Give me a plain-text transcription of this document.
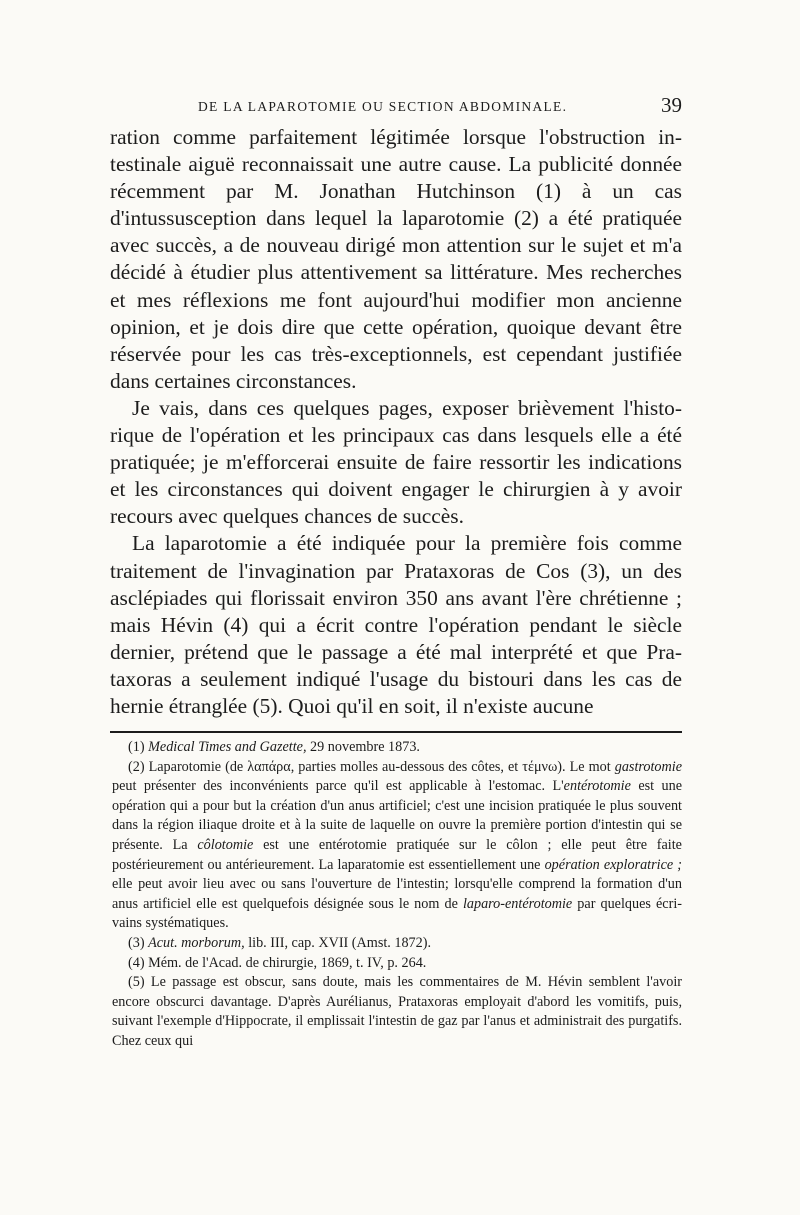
DE LA LAPAROTOMIE OU SECTION ABDOMINALE.	39

ration comme parfaitement légitimée lorsque l'obstruction intestinale aiguë reconnaissait une autre cause. La publicité donnée récemment par M. Jonathan Hutchinson (1) à un cas d'intussusception dans lequel la laparotomie (2) a été pratiquée avec succès, a de nouveau dirigé mon attention sur le sujet et m'a décidé à étudier plus attentivement sa littérature. Mes recherches et mes réflexions me font aujourd'hui modifier mon ancienne opinion, et je dois dire que cette opération, quoique devant être réservée pour les cas très-exceptionnels, est cependant justifiée dans certaines circonstances.

Je vais, dans ces quelques pages, exposer brièvement l'historique de l'opération et les principaux cas dans lesquels elle a été pratiquée; je m'efforcerai ensuite de faire ressortir les indications et les circonstances qui doivent engager le chirurgien à y avoir recours avec quelques chances de succès.

La laparotomie a été indiquée pour la première fois comme traitement de l'invagination par Prataxoras de Cos (3), un des asclépiades qui florissait environ 350 ans avant l'ère chrétienne ; mais Hévin (4) qui a écrit contre l'opération pendant le siècle dernier, prétend que le passage a été mal interprété et que Prataxoras a seulement indiqué l'usage du bistouri dans les cas de hernie étranglée (5). Quoi qu'il en soit, il n'existe aucune

(1) Medical Times and Gazette, 29 novembre 1873.

(2) Laparotomie (de λαπάρα, parties molles au-dessous des côtes, et τέμνω). Le mot gastrotomie peut présenter des inconvénients parce qu'il est applicable à l'estomac. L'entérotomie est une opération qui a pour but la création d'un anus artificiel; c'est une incision pratiquée le plus souvent dans la région iliaque droite et à la suite de laquelle on ouvre la première portion d'intestin qui se présente. La côlotomie est une entérotomie pratiquée sur le côlon ; elle peut être faite postérieurement ou antérieurement. La laparatomie est essentiellement une opération exploratrice ; elle peut avoir lieu avec ou sans l'ouverture de l'intestin; lorsqu'elle comprend la formation d'un anus artificiel elle est quelquefois désignée sous le nom de laparo-entérotomie par quelques écrivains systématiques.

(3) Acut. morborum, lib. III, cap. XVII (Amst. 1872).

(4) Mém. de l'Acad. de chirurgie, 1869, t. IV, p. 264.

(5) Le passage est obscur, sans doute, mais les commentaires de M. Hévin semblent l'avoir encore obscurci davantage. D'après Aurélianus, Prataxoras employait d'abord les vomitifs, puis, suivant l'exemple d'Hippocrate, il emplissait l'intestin de gaz par l'anus et administrait des purgatifs. Chez ceux qui
